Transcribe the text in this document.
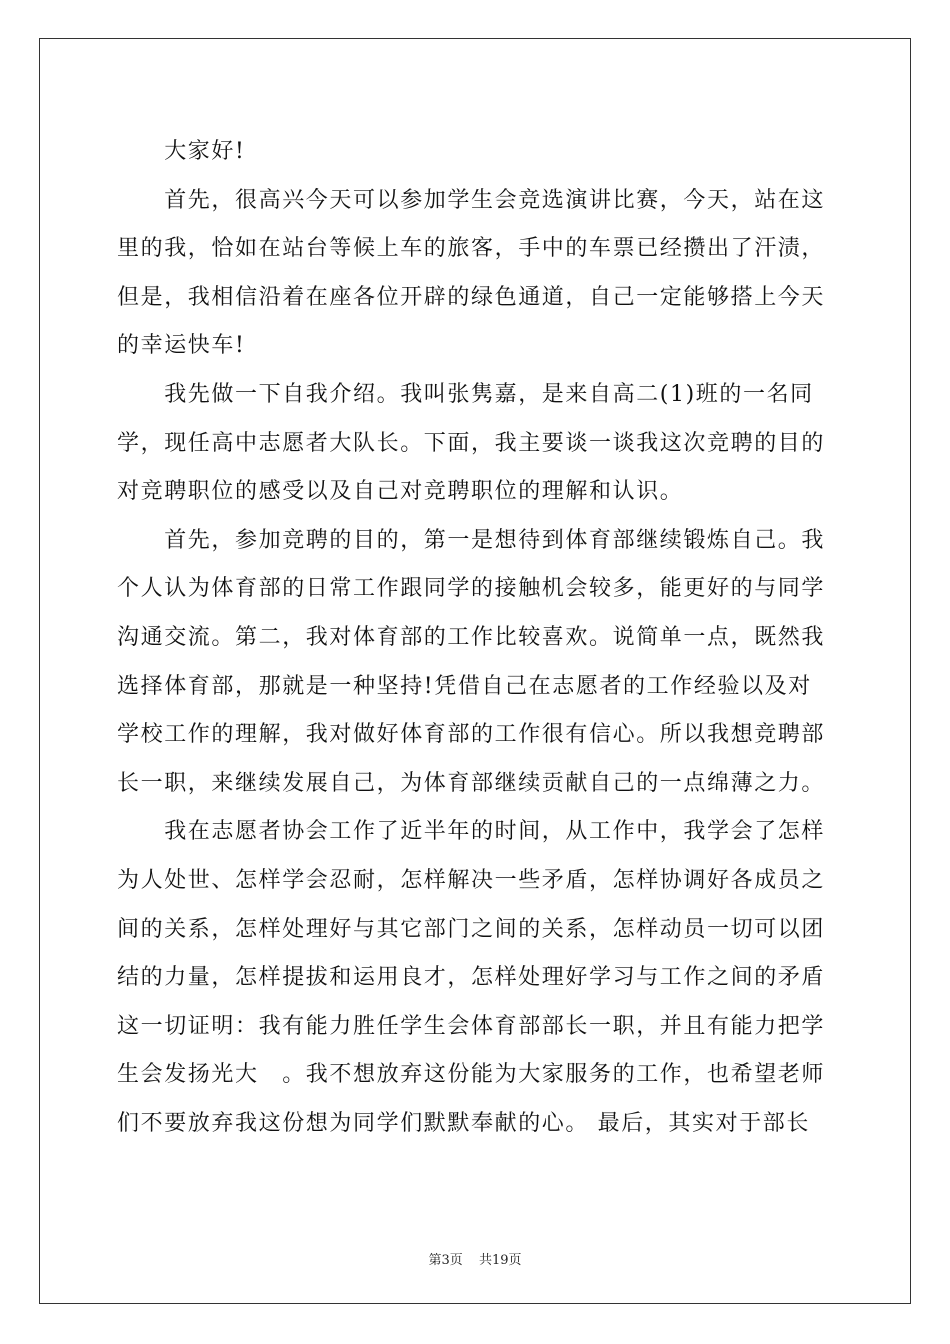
　　大家好!
　　首先，很高兴今天可以参加学生会竞选演讲比赛，今天，站在这
里的我，恰如在站台等候上车的旅客，手中的车票已经攒出了汗渍，
但是，我相信沿着在座各位开辟的绿色通道，自己一定能够搭上今天
的幸运快车!
　　我先做一下自我介绍。我叫张隽嘉，是来自高二(1)班的一名同
学，现任高中志愿者大队长。下面，我主要谈一谈我这次竞聘的目的
对竞聘职位的感受以及自己对竞聘职位的理解和认识。
　　首先，参加竞聘的目的，第一是想待到体育部继续锻炼自己。我
个人认为体育部的日常工作跟同学的接触机会较多，能更好的与同学
沟通交流。第二，我对体育部的工作比较喜欢。说简单一点，既然我
选择体育部，那就是一种坚持!凭借自己在志愿者的工作经验以及对
学校工作的理解，我对做好体育部的工作很有信心。所以我想竞聘部
长一职，来继续发展自己，为体育部继续贡献自己的一点绵薄之力。
　　我在志愿者协会工作了近半年的时间，从工作中，我学会了怎样
为人处世、怎样学会忍耐，怎样解决一些矛盾，怎样协调好各成员之
间的关系，怎样处理好与其它部门之间的关系，怎样动员一切可以团
结的力量，怎样提拔和运用良才，怎样处理好学习与工作之间的矛盾
这一切证明：我有能力胜任学生会体育部部长一职，并且有能力把学
生会发扬光大　。我不想放弃这份能为大家服务的工作，也希望老师
们不要放弃我这份想为同学们默默奉献的心。 最后，其实对于部长
第3页 共19页
